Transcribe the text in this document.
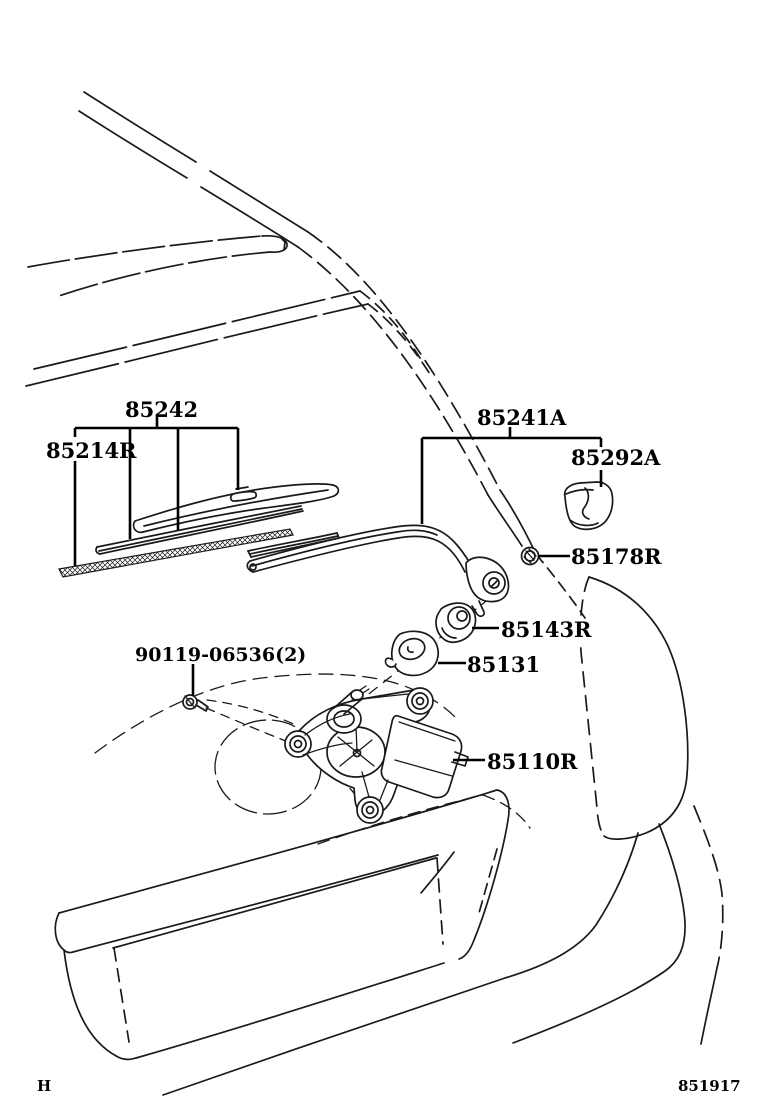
85242
85214R
85241A
85292A
85178R
85143R
85131
85110R
90119-06536(2)
H	851917
